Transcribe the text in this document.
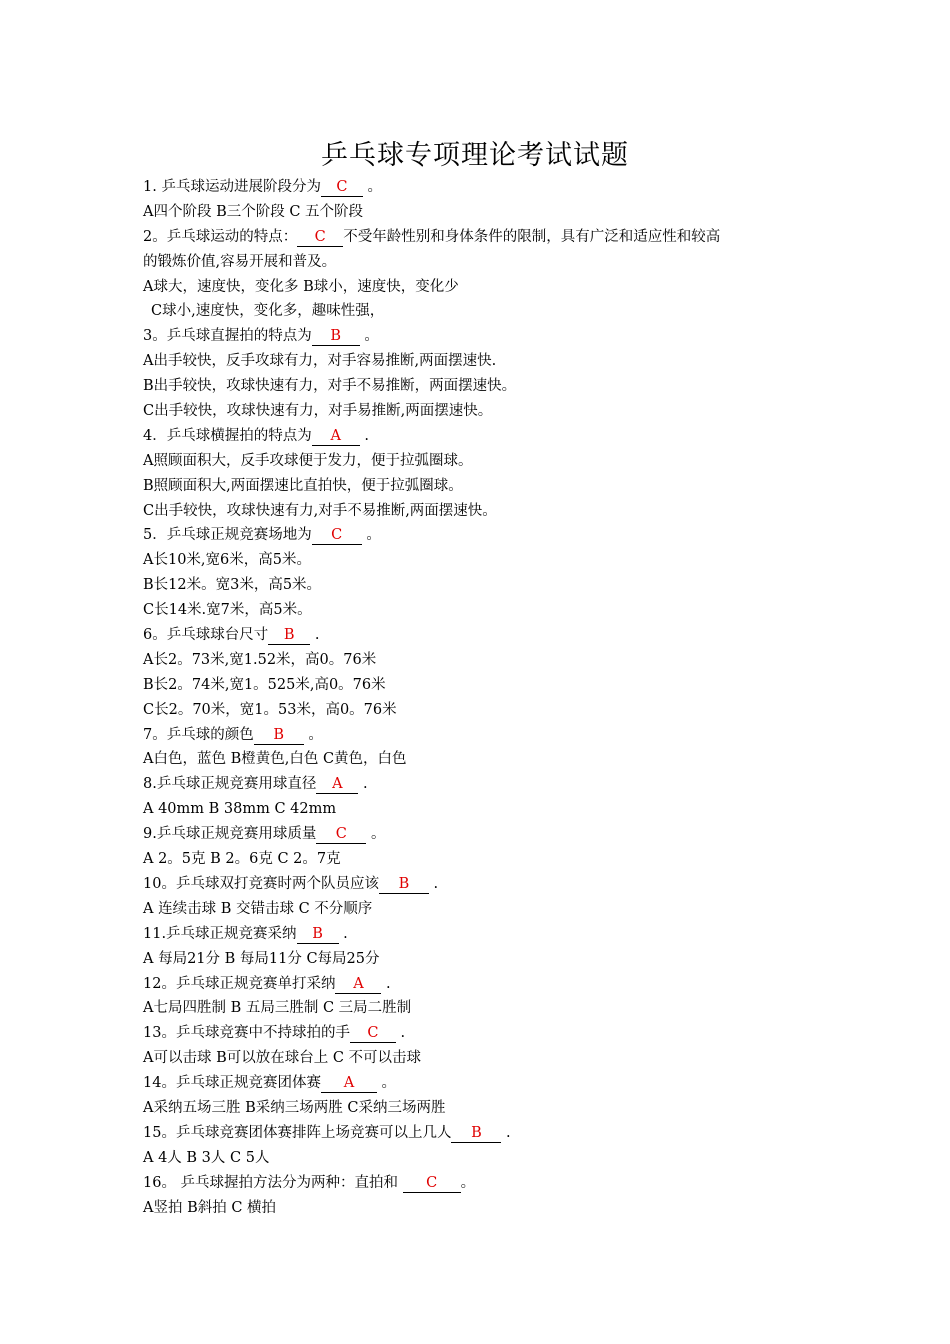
乒乓球专项理论考试试题
1. 乒乓球运动进展阶段分为 C 。
A四个阶段 B三个阶段 C 五个阶段
2。乒乓球运动的特点： C 不受年龄性别和身体条件的限制，具有广泛和适应性和较高
的锻炼价值,容易开展和普及。
A球大，速度快，变化多 B球小，速度快，变化少
C球小,速度快，变化多，趣味性强，
3。乒乓球直握拍的特点为 B 。
A出手较快，反手攻球有力，对手容易推断,两面摆速快.
B出手较快，攻球快速有力，对手不易推断，两面摆速快。
C出手较快，攻球快速有力，对手易推断,两面摆速快。
4．乒乓球横握拍的特点为 A .
A照顾面积大，反手攻球便于发力，便于拉弧圈球。
B照顾面积大,两面摆速比直拍快，便于拉弧圈球。
C出手较快，攻球快速有力,对手不易推断,两面摆速快。
5．乒乓球正规竞赛场地为 C 。
A长10米,宽6米，高5米。
B长12米。宽3米，高5米。
C长14米.宽7米，高5米。
6。乒乓球球台尺寸 B .
A长2。73米,宽1.52米，高0。76米
B长2。74米,宽1。525米,高0。76米
C长2。70米，宽1。53米，高0。76米
7。乒乓球的颜色 B 。
A白色，蓝色 B橙黄色,白色 C黄色，白色
8.乒乓球正规竞赛用球直径 A .
A 40mm B 38mm C 42mm
9.乒乓球正规竞赛用球质量 C 。
A 2。5克 B 2。6克 C 2。7克
10。乒乓球双打竞赛时两个队员应该 B .
A 连续击球 B 交错击球 C 不分顺序
11.乒乓球正规竞赛采纳 B .
A 每局21分 B 每局11分 C每局25分
12。乒乓球正规竞赛单打采纳 A .
A七局四胜制 B 五局三胜制 C 三局二胜制
13。乒乓球竞赛中不持球拍的手 C .
A可以击球 B可以放在球台上 C 不可以击球
14。乒乓球正规竞赛团体赛 A 。
A采纳五场三胜 B采纳三场两胜 C采纳三场两胜
15。乒乓球竞赛团体赛排阵上场竞赛可以上几人 B .
A 4人 B 3人 C 5人
16。 乒乓球握拍方法分为两种：直拍和 C 。
A竖拍 B斜拍 C 横拍
